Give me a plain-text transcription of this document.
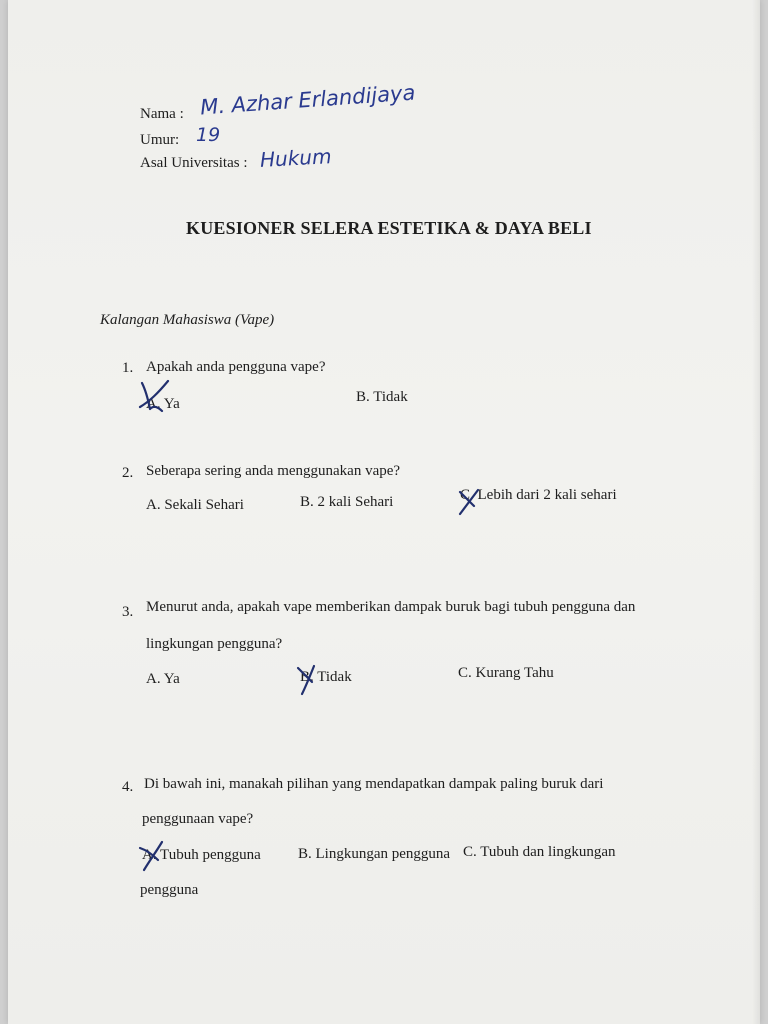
Nama : M. Azhar Erlandijaya
Umur: 19
Asal Universitas : Hukum
KUESIONER SELERA ESTETIKA & DAYA BELI
Kalangan Mahasiswa (Vape)
1. Apakah anda pengguna vape?
A. Ya	B. Tidak
2. Seberapa sering anda menggunakan vape?
A. Sekali Sehari	B. 2 kali Sehari	C. Lebih dari 2 kali sehari
3. Menurut anda, apakah vape memberikan dampak buruk bagi tubuh pengguna dan
lingkungan pengguna?
A. Ya	B. Tidak	C. Kurang Tahu
4. Di bawah ini, manakah pilihan yang mendapatkan dampak paling buruk dari
penggunaan vape?
A. Tubuh pengguna B. Lingkungan pengguna C. Tubuh dan lingkungan
pengguna
